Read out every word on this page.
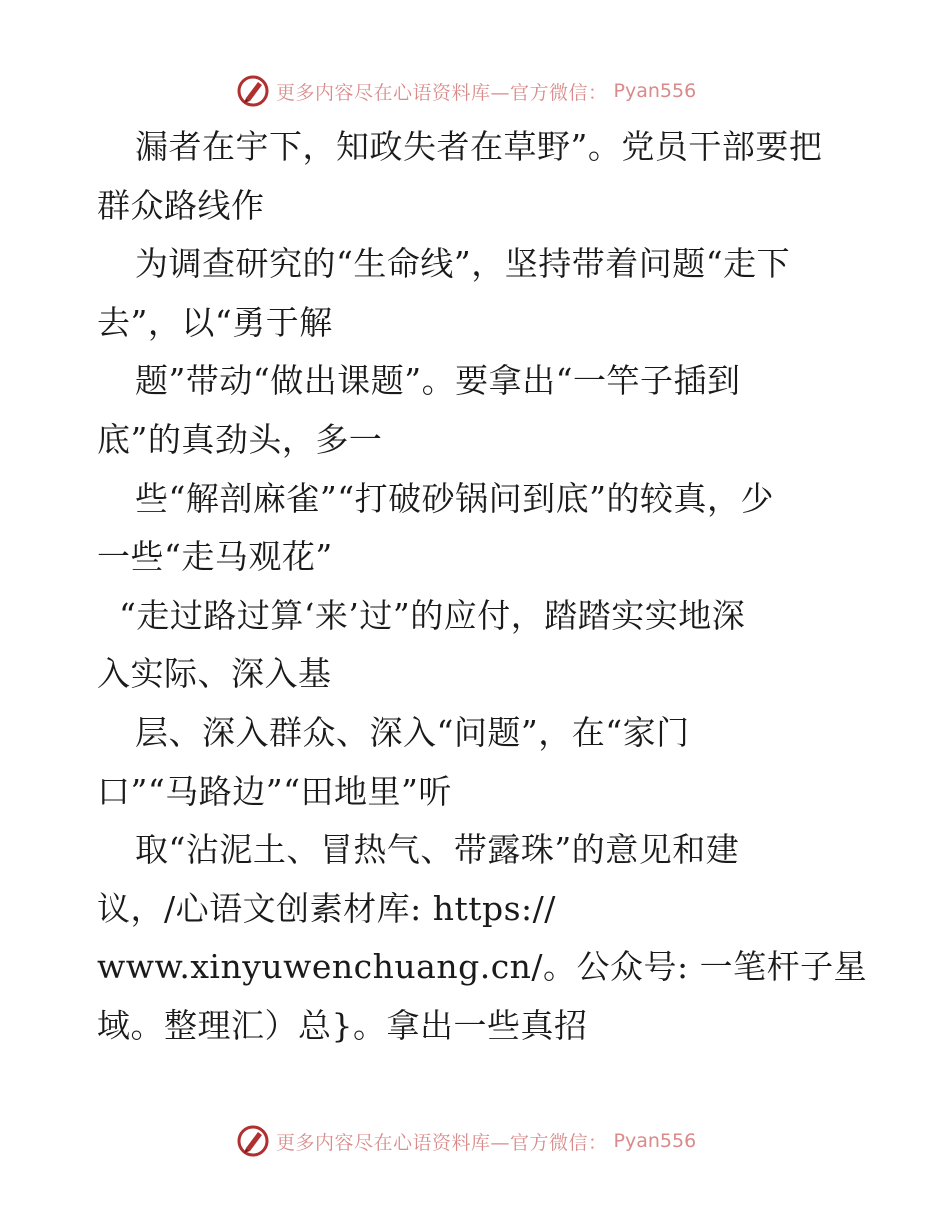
更多内容尽在心语资料库—官方微信： Pyan556
漏者在宇下，知政失者在草野”。党员干部要把
群众路线作
为调查研究的“生命线”，坚持带着问题“走下
去”，以“勇于解
题”带动“做出课题”。要拿出“一竿子插到
底”的真劲头，多一
些“解剖麻雀”“打破砂锅问到底”的较真，少
一些“走马观花”
“走过路过算‘来’过”的应付，踏踏实实地深
入实际、深入基
层、深入群众、深入“问题”，在“家门
口”“马路边”“田地里”听
取“沾泥土、冒热气、带露珠”的意见和建
议，/心语文创素材库: https://
www.xinyuwenchuang.cn/。公众号: 一笔杆子星
域。整理汇）总}。拿出一些真招
更多内容尽在心语资料库—官方微信： Pyan556
